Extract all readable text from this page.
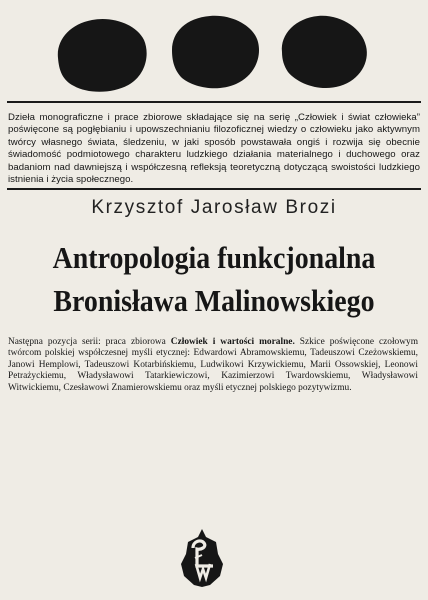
Dzieła monograficzne i prace zbiorowe składające się na serię „Człowiek i świat człowieka” poświęcone są pogłębianiu i upowszechnianiu filozoficznej wiedzy o człowieku jako aktywnym twórcy własnego świata, śledzeniu, w jaki sposób powstawała ongiś i rozwija się obecnie świadomość podmiotowego charakteru ludzkiego działania materialnego i duchowego oraz badaniom nad dawniejszą i współczesną refleksją teoretyczną dotyczącą swoistości ludzkiego istnienia i życia społecznego.
Krzysztof Jarosław Brozi
Antropologia funkcjonalna
Bronisława Malinowskiego
Następna pozycja serii: praca zbiorowa Człowiek i wartości moralne. Szkice poświęcone czołowym twórcom polskiej współczesnej myśli etycznej: Edwardowi Abramowskiemu, Tadeuszowi Czeżowskiemu, Janowi Hemplowi, Tadeuszowi Kotarbińskiemu, Ludwikowi Krzywickiemu, Marii Ossowskiej, Leonowi Petrażyckiemu, Władysławowi Tatarkiewiczowi, Kazimierzowi Twardowskiemu, Władysławowi Witwickiemu, Czesławowi Znamierowskiemu oraz myśli etycznej polskiego pozytywizmu.
